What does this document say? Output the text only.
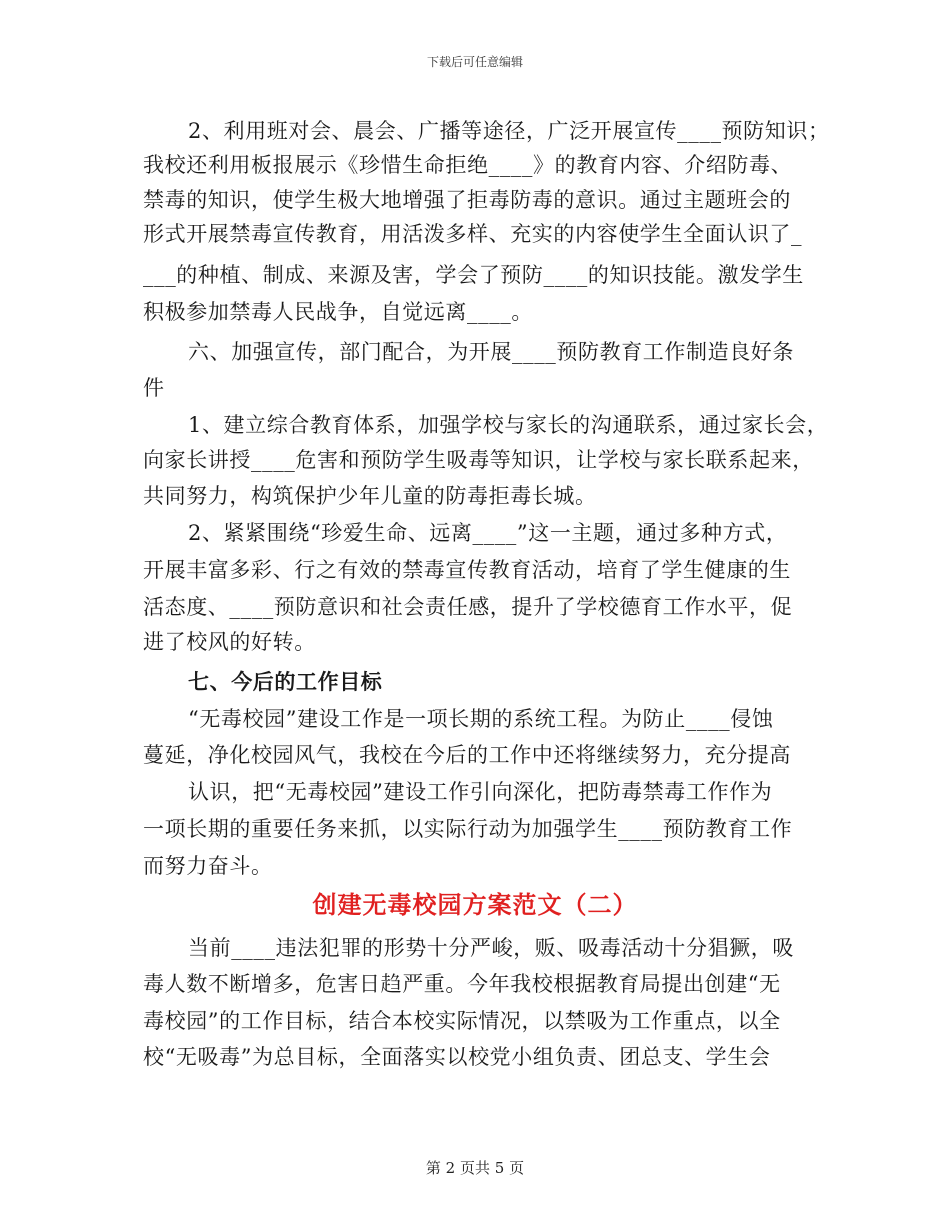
下载后可任意编辑
2、利用班对会、晨会、广播等途径，广泛开展宣传____预防知识；
我校还利用板报展示《珍惜生命拒绝____》的教育内容、介绍防毒、
禁毒的知识，使学生极大地增强了拒毒防毒的意识。通过主题班会的
形式开展禁毒宣传教育，用活泼多样、充实的内容使学生全面认识了_
___的种植、制成、来源及害，学会了预防____的知识技能。激发学生
积极参加禁毒人民战争，自觉远离____。
六、加强宣传，部门配合，为开展____预防教育工作制造良好条
件
1、建立综合教育体系，加强学校与家长的沟通联系，通过家长会，
向家长讲授____危害和预防学生吸毒等知识，让学校与家长联系起来，
共同努力，构筑保护少年儿童的防毒拒毒长城。
2、紧紧围绕“珍爱生命、远离____”这一主题，通过多种方式，
开展丰富多彩、行之有效的禁毒宣传教育活动，培育了学生健康的生
活态度、____预防意识和社会责任感，提升了学校德育工作水平，促
进了校风的好转。
七、今后的工作目标
“无毒校园”建设工作是一项长期的系统工程。为防止____侵蚀
蔓延，净化校园风气，我校在今后的工作中还将继续努力，充分提高
认识，把“无毒校园”建设工作引向深化，把防毒禁毒工作作为
一项长期的重要任务来抓，以实际行动为加强学生____预防教育工作
而努力奋斗。
创建无毒校园方案范文（二）
当前____违法犯罪的形势十分严峻，贩、吸毒活动十分猖獗，吸
毒人数不断增多，危害日趋严重。今年我校根据教育局提出创建“无
毒校园”的工作目标，结合本校实际情况，以禁吸为工作重点，以全
校“无吸毒”为总目标，全面落实以校党小组负责、团总支、学生会
第 2 页共 5 页
